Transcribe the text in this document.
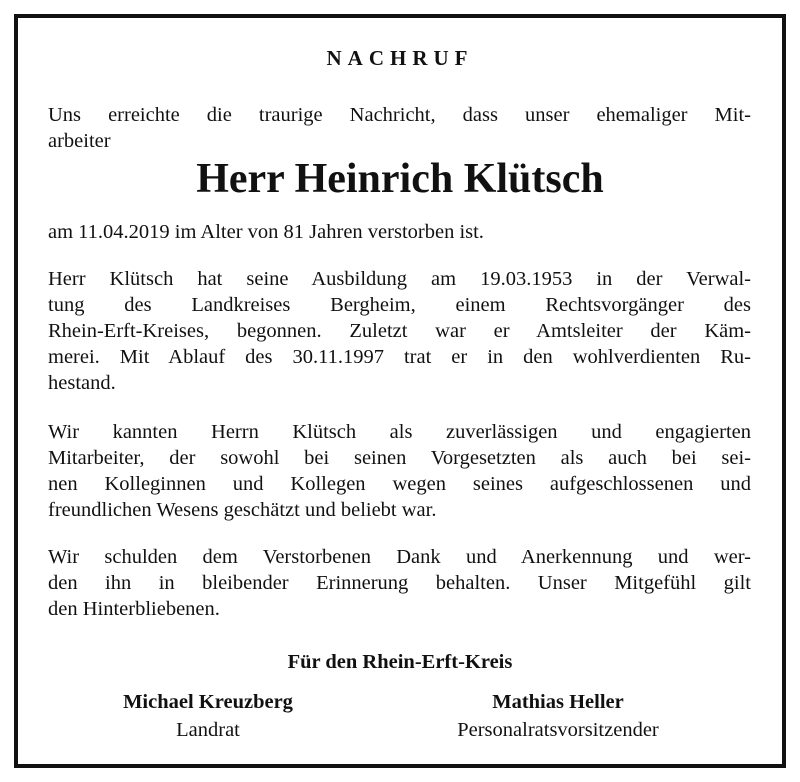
NACHRUF
Uns erreichte die traurige Nachricht, dass unser ehemaliger Mit-
arbeiter
Herr Heinrich Klütsch
am 11.04.2019 im Alter von 81 Jahren verstorben ist.
Herr Klütsch hat seine Ausbildung am 19.03.1953 in der Verwal-
tung des Landkreises Bergheim, einem Rechtsvorgänger des
Rhein-Erft-Kreises, begonnen. Zuletzt war er Amtsleiter der Käm-
merei. Mit Ablauf des 30.11.1997 trat er in den wohlverdienten Ru-
hestand.
Wir kannten Herrn Klütsch als zuverlässigen und engagierten
Mitarbeiter, der sowohl bei seinen Vorgesetzten als auch bei sei-
nen Kolleginnen und Kollegen wegen seines aufgeschlossenen und
freundlichen Wesens geschätzt und beliebt war.
Wir schulden dem Verstorbenen Dank und Anerkennung und wer-
den ihn in bleibender Erinnerung behalten. Unser Mitgefühl gilt
den Hinterbliebenen.
Für den Rhein-Erft-Kreis
Michael Kreuzberg
Landrat
Mathias Heller
Personalratsvorsitzender
